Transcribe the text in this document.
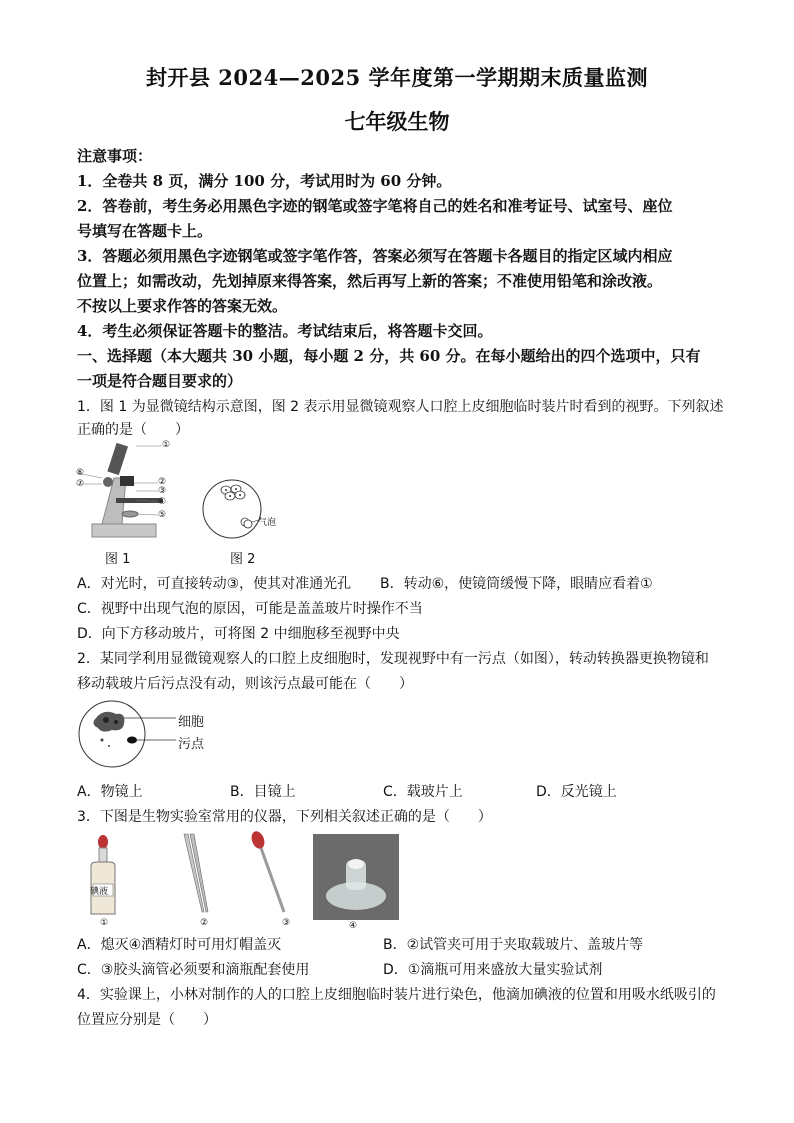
封开县 2024—2025 学年度第一学期期末质量监测
七年级生物
注意事项：
1．全卷共 8 页，满分 100 分，考试用时为 60 分钟。
2．答卷前，考生务必用黑色字迹的钢笔或签字笔将自己的姓名和准考证号、试室号、座位
号填写在答题卡上。
3．答题必须用黑色字迹钢笔或签字笔作答，答案必须写在答题卡各题目的指定区域内相应
位置上；如需改动，先划掉原来得答案，然后再写上新的答案；不准使用铅笔和涂改液。
不按以上要求作答的答案无效。
4．考生必须保证答题卡的整洁。考试结束后，将答题卡交回。
一、选择题（本大题共 30 小题，每小题 2 分，共 60 分。在每小题给出的四个选项中，只有
一项是符合题目要求的）
1．图 1 为显微镜结构示意图，图 2 表示用显微镜观察人口腔上皮细胞临时装片时看到的视野。下列叙述
正确的是（　　）
①
⑥
⑦	②
③
④
⑤
气泡
图 1	图 2
A．对光时，可直接转动③，使其对准通光孔 B．转动⑥，使镜筒缓慢下降，眼睛应看着①
C．视野中出现气泡的原因，可能是盖盖玻片时操作不当
D．向下方移动玻片，可将图 2 中细胞移至视野中央
2．某同学利用显微镜观察人的口腔上皮细胞时，发现视野中有一污点（如图），转动转换器更换物镜和
移动载玻片后污点没有动，则该污点最可能在（　　）
细胞
污点
A．物镜上	B．目镜上	C．载玻片上	D．反光镜上
3．下图是生物实验室常用的仪器，下列相关叙述正确的是（　　）
碘液
①	②	③	④
A．熄灭④酒精灯时可用灯帽盖灭	B．②试管夹可用于夹取载玻片、盖玻片等
C．③胶头滴管必须要和滴瓶配套使用	D．①滴瓶可用来盛放大量实验试剂
4．实验课上，小林对制作的人的口腔上皮细胞临时装片进行染色，他滴加碘液的位置和用吸水纸吸引的
位置应分别是（　　）
